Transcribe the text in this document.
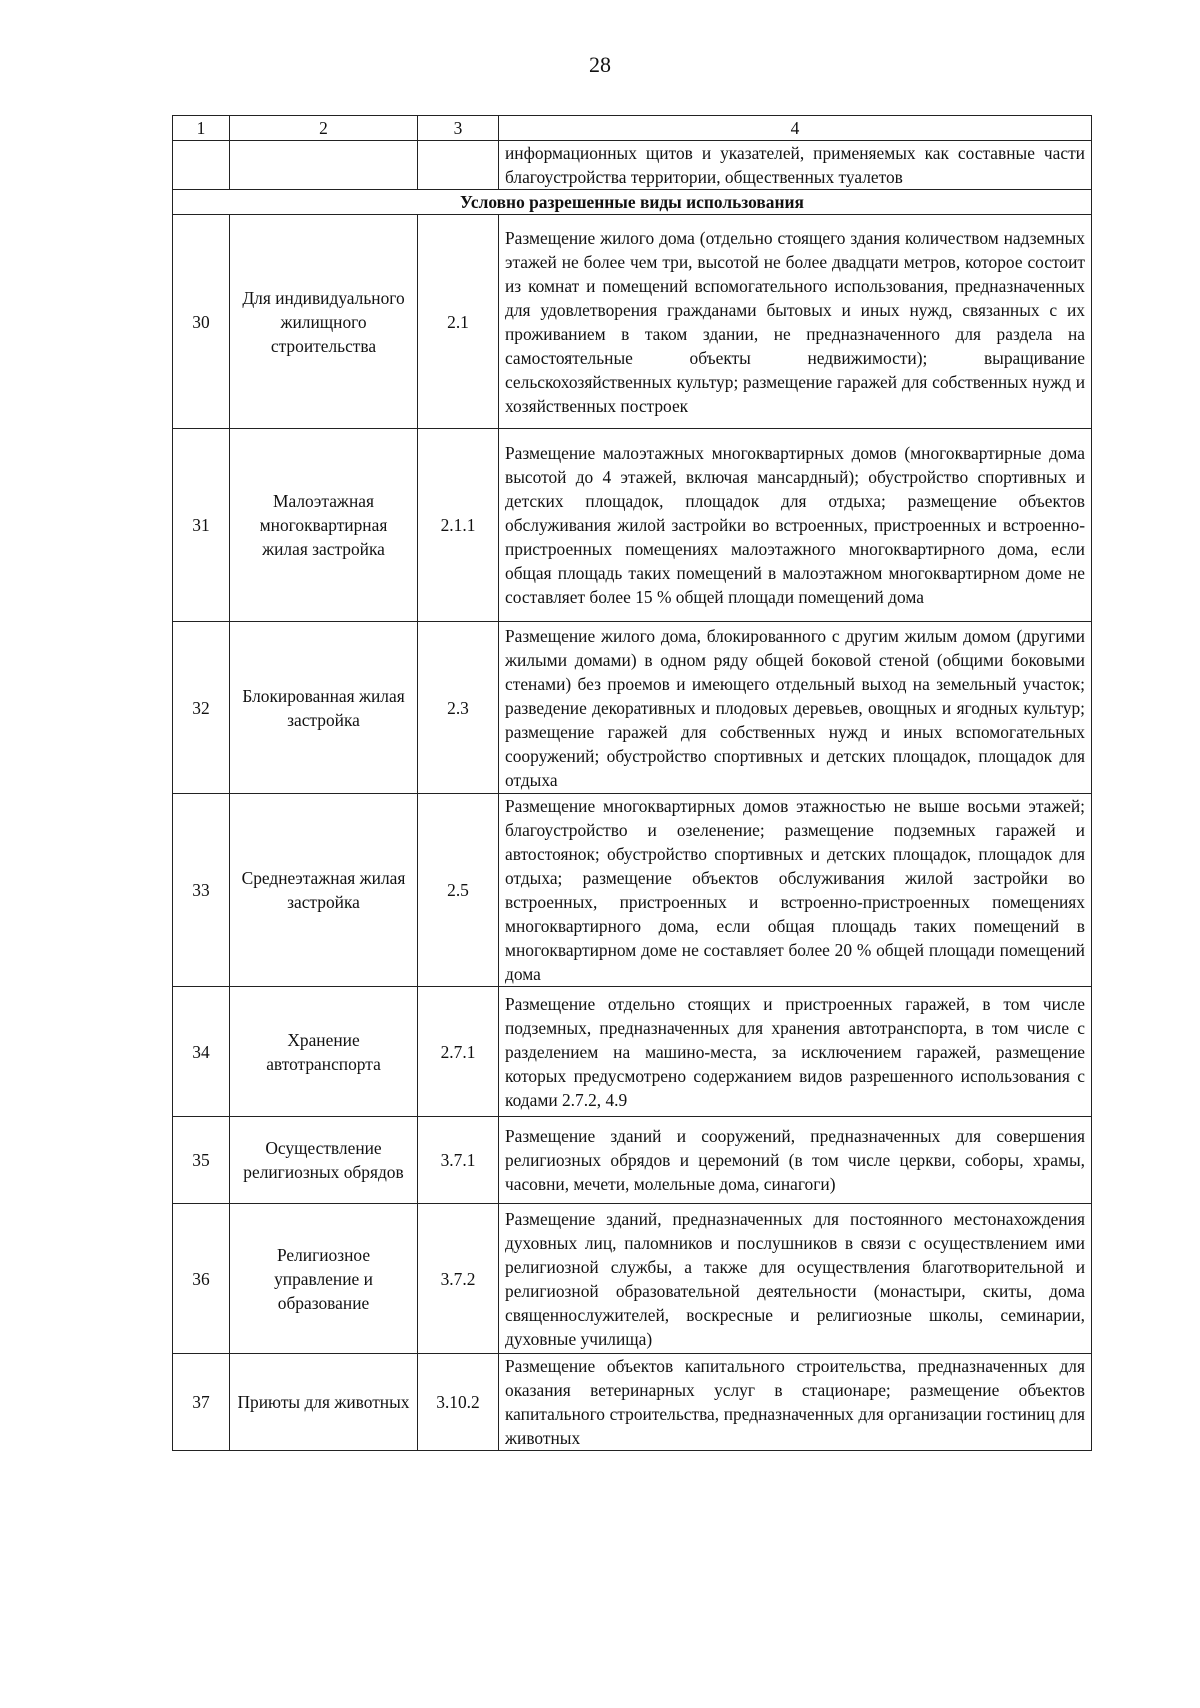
28
1	2	3	4
			информационных щитов и указателей, применяемых как составные части благоустройства территории, общественных туалетов
Условно разрешенные виды использования			
30	Для индивидуального жилищного строительства	2.1	Размещение жилого дома (отдельно стоящего здания количеством надземных этажей не более чем три, высотой не более двадцати метров, которое состоит из комнат и помещений вспомогательного использования, предназначенных для удовлетворения гражданами бытовых и иных нужд, связанных с их проживанием в таком здании, не предназначенного для раздела на самостоятельные объекты недвижимости); выращивание сельскохозяйственных культур; размещение гаражей для собственных нужд и хозяйственных построек
31	Малоэтажная многоквартирная жилая застройка	2.1.1	Размещение малоэтажных многоквартирных домов (многоквартирные дома высотой до 4 этажей, включая мансардный); обустройство спортивных и детских площадок, площадок для отдыха; размещение объектов обслуживания жилой застройки во встроенных, пристроенных и встроенно-пристроенных помещениях малоэтажного многоквартирного дома, если общая площадь таких помещений в малоэтажном многоквартирном доме не составляет более 15 % общей площади помещений дома
32	Блокированная жилая застройка	2.3	Размещение жилого дома, блокированного с другим жилым домом (другими жилыми домами) в одном ряду общей боковой стеной (общими боковыми стенами) без проемов и имеющего отдельный выход на земельный участок; разведение декоративных и плодовых деревьев, овощных и ягодных культур; размещение гаражей для собственных нужд и иных вспомогательных сооружений; обустройство спортивных и детских площадок, площадок для отдыха
33	Среднеэтажная жилая застройка	2.5	Размещение многоквартирных домов этажностью не выше восьми этажей; благоустройство и озеленение; размещение подземных гаражей и автостоянок; обустройство спортивных и детских площадок, площадок для отдыха; размещение объектов обслуживания жилой застройки во встроенных, пристроенных и встроенно-пристроенных помещениях многоквартирного дома, если общая площадь таких помещений в многоквартирном доме не составляет более 20 % общей площади помещений дома
34	Хранение автотранспорта	2.7.1	Размещение отдельно стоящих и пристроенных гаражей, в том числе подземных, предназначенных для хранения автотранспорта, в том числе с разделением на машино-места, за исключением гаражей, размещение которых предусмотрено содержанием видов разрешенного использования с кодами 2.7.2, 4.9
35	Осуществление религиозных обрядов	3.7.1	Размещение зданий и сооружений, предназначенных для совершения религиозных обрядов и церемоний (в том числе церкви, соборы, храмы, часовни, мечети, молельные дома, синагоги)
36	Религиозное управление и образование	3.7.2	Размещение зданий, предназначенных для постоянного местонахождения духовных лиц, паломников и послушников в связи с осуществлением ими религиозной службы, а также для осуществления благотворительной и религиозной образовательной деятельности (монастыри, скиты, дома священнослужителей, воскресные и религиозные школы, семинарии, духовные училища)
37	Приюты для животных	3.10.2	Размещение объектов капитального строительства, предназначенных для оказания ветеринарных услуг в стационаре; размещение объектов капитального строительства, предназначенных для организации гостиниц для животных
